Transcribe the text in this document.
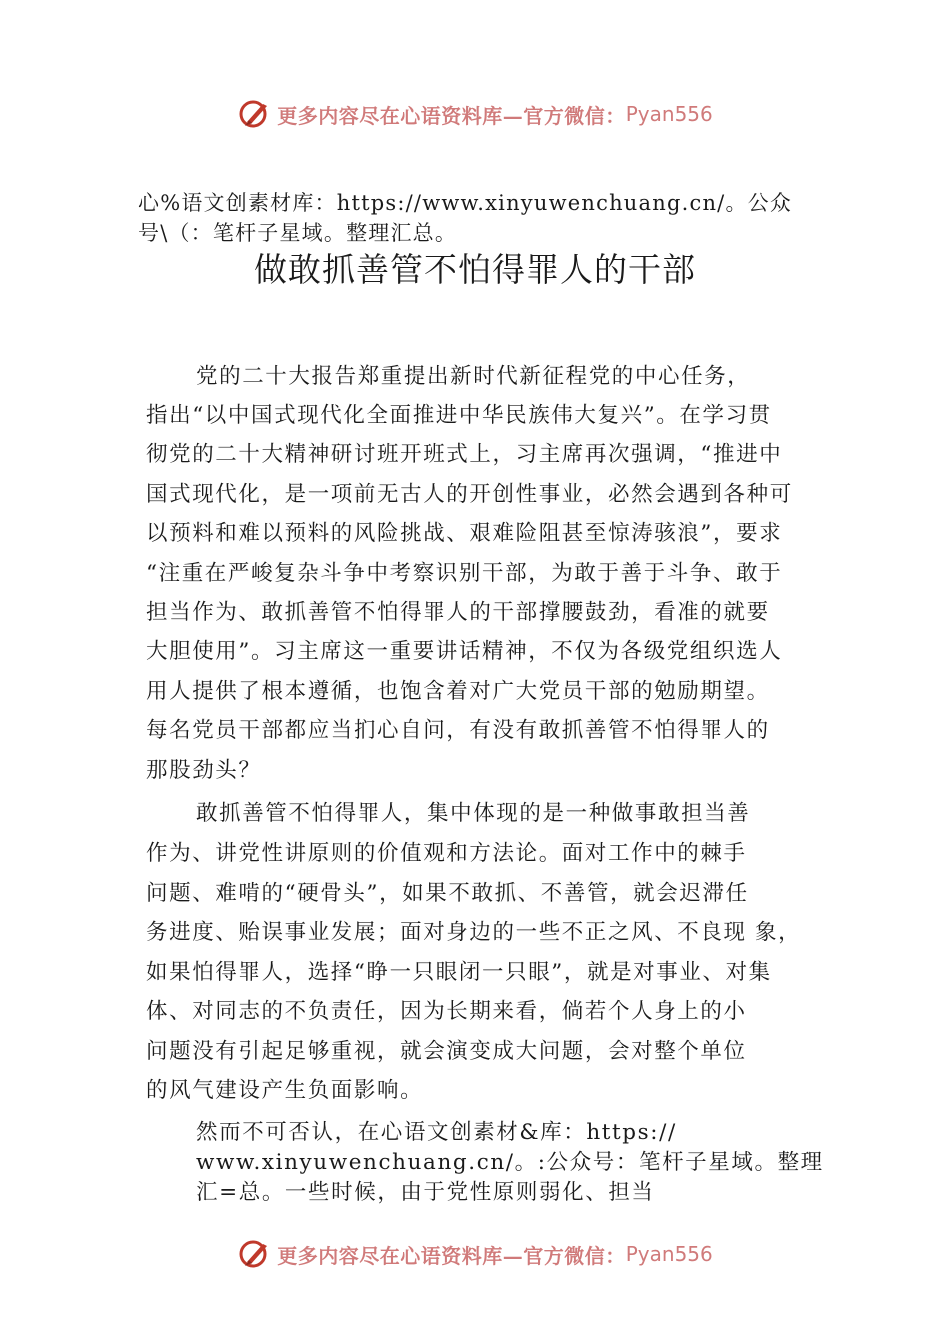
更多内容尽在心语资料库—官方微信： Pyan556
心%语文创素材库：https://www.xinyuwenchuang.cn/。公众
号\（：笔杆子星域。整理汇总。
做敢抓善管不怕得罪人的干部
党的二十大报告郑重提出新时代新征程党的中心任务，
指出“以中国式现代化全面推进中华民族伟大复兴”。在学习贯
彻党的二十大精神研讨班开班式上，习主席再次强调，“推进中
国式现代化，是一项前无古人的开创性事业，必然会遇到各种可
以预料和难以预料的风险挑战、艰难险阻甚至惊涛骇浪”，要求
“注重在严峻复杂斗争中考察识别干部，为敢于善于斗争、敢于
担当作为、敢抓善管不怕得罪人的干部撑腰鼓劲，看准的就要
大胆使用”。习主席这一重要讲话精神，不仅为各级党组织选人
用人提供了根本遵循，也饱含着对广大党员干部的勉励期望。
每名党员干部都应当扪心自问，有没有敢抓善管不怕得罪人的
那股劲头？
敢抓善管不怕得罪人，集中体现的是一种做事敢担当善
作为、讲党性讲原则的价值观和方法论。面对工作中的棘手
问题、难啃的“硬骨头”，如果不敢抓、不善管，就会迟滞任
务进度、贻误事业发展；面对身边的一些不正之风、不良现 象，
如果怕得罪人，选择“睁一只眼闭一只眼”，就是对事业、对集
体、对同志的不负责任，因为长期来看，倘若个人身上的小
问题没有引起足够重视，就会演变成大问题，会对整个单位
的风气建设产生负面影响。
然而不可否认，在心语文创素材&库：https://
www.xinyuwenchuang.cn/。:公众号：笔杆子星域。整理
汇=总。一些时候，由于党性原则弱化、担当
更多内容尽在心语资料库—官方微信： Pyan556
